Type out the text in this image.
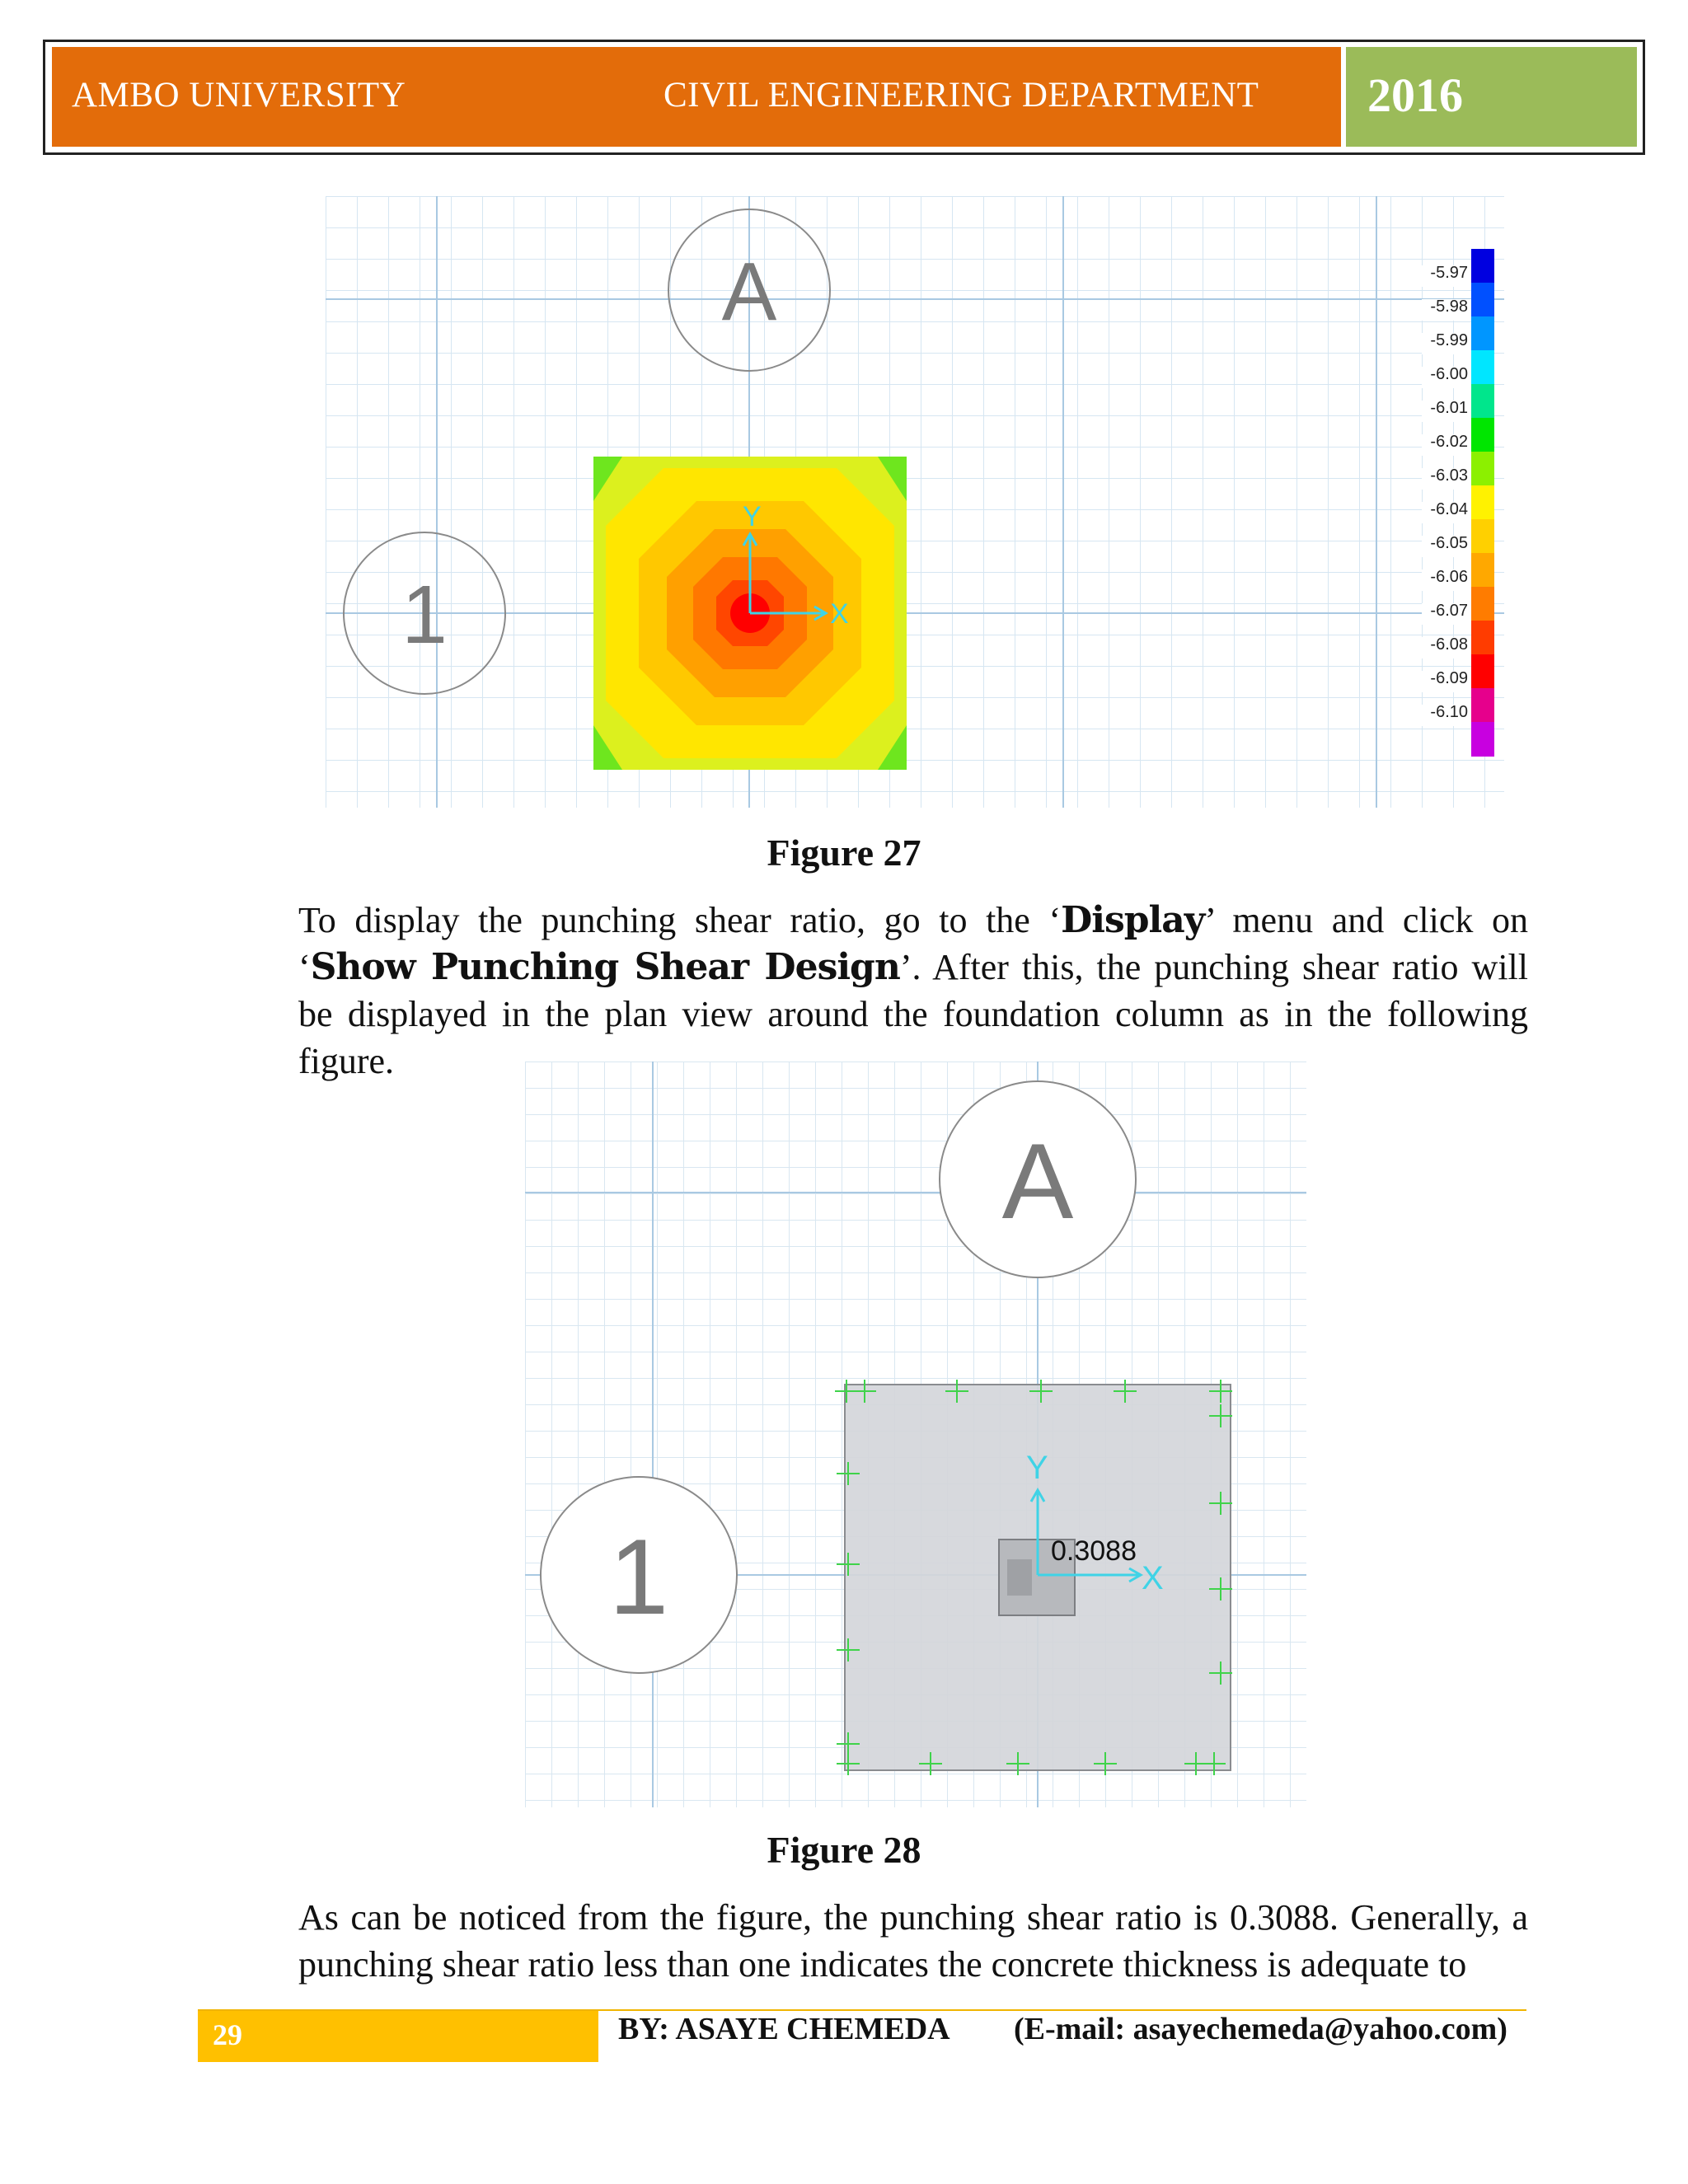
AMBO UNIVERSITY	CIVIL ENGINEERING DEPARTMENT 2016
A
1
Y
X
-5.97
-5.98
-5.99
-6.00
-6.01
-6.02
-6.03
-6.04
-6.05
-6.06
-6.07
-6.08
-6.09
-6.10
Figure 27
To display the punching shear ratio, go to the ‘Display’ menu and click on ‘Show Punching Shear Design’. After this, the punching shear ratio will be displayed in the plan view around the foundation column as in the following figure.
A
1
Y
X
0.3088
Figure 28
As can be noticed from the figure, the punching shear ratio is 0.3088. Generally, a punching shear ratio less than one indicates the concrete thickness is adequate to
29	BY: ASAYE CHEMEDA (E-mail: asayechemeda@yahoo.com)
